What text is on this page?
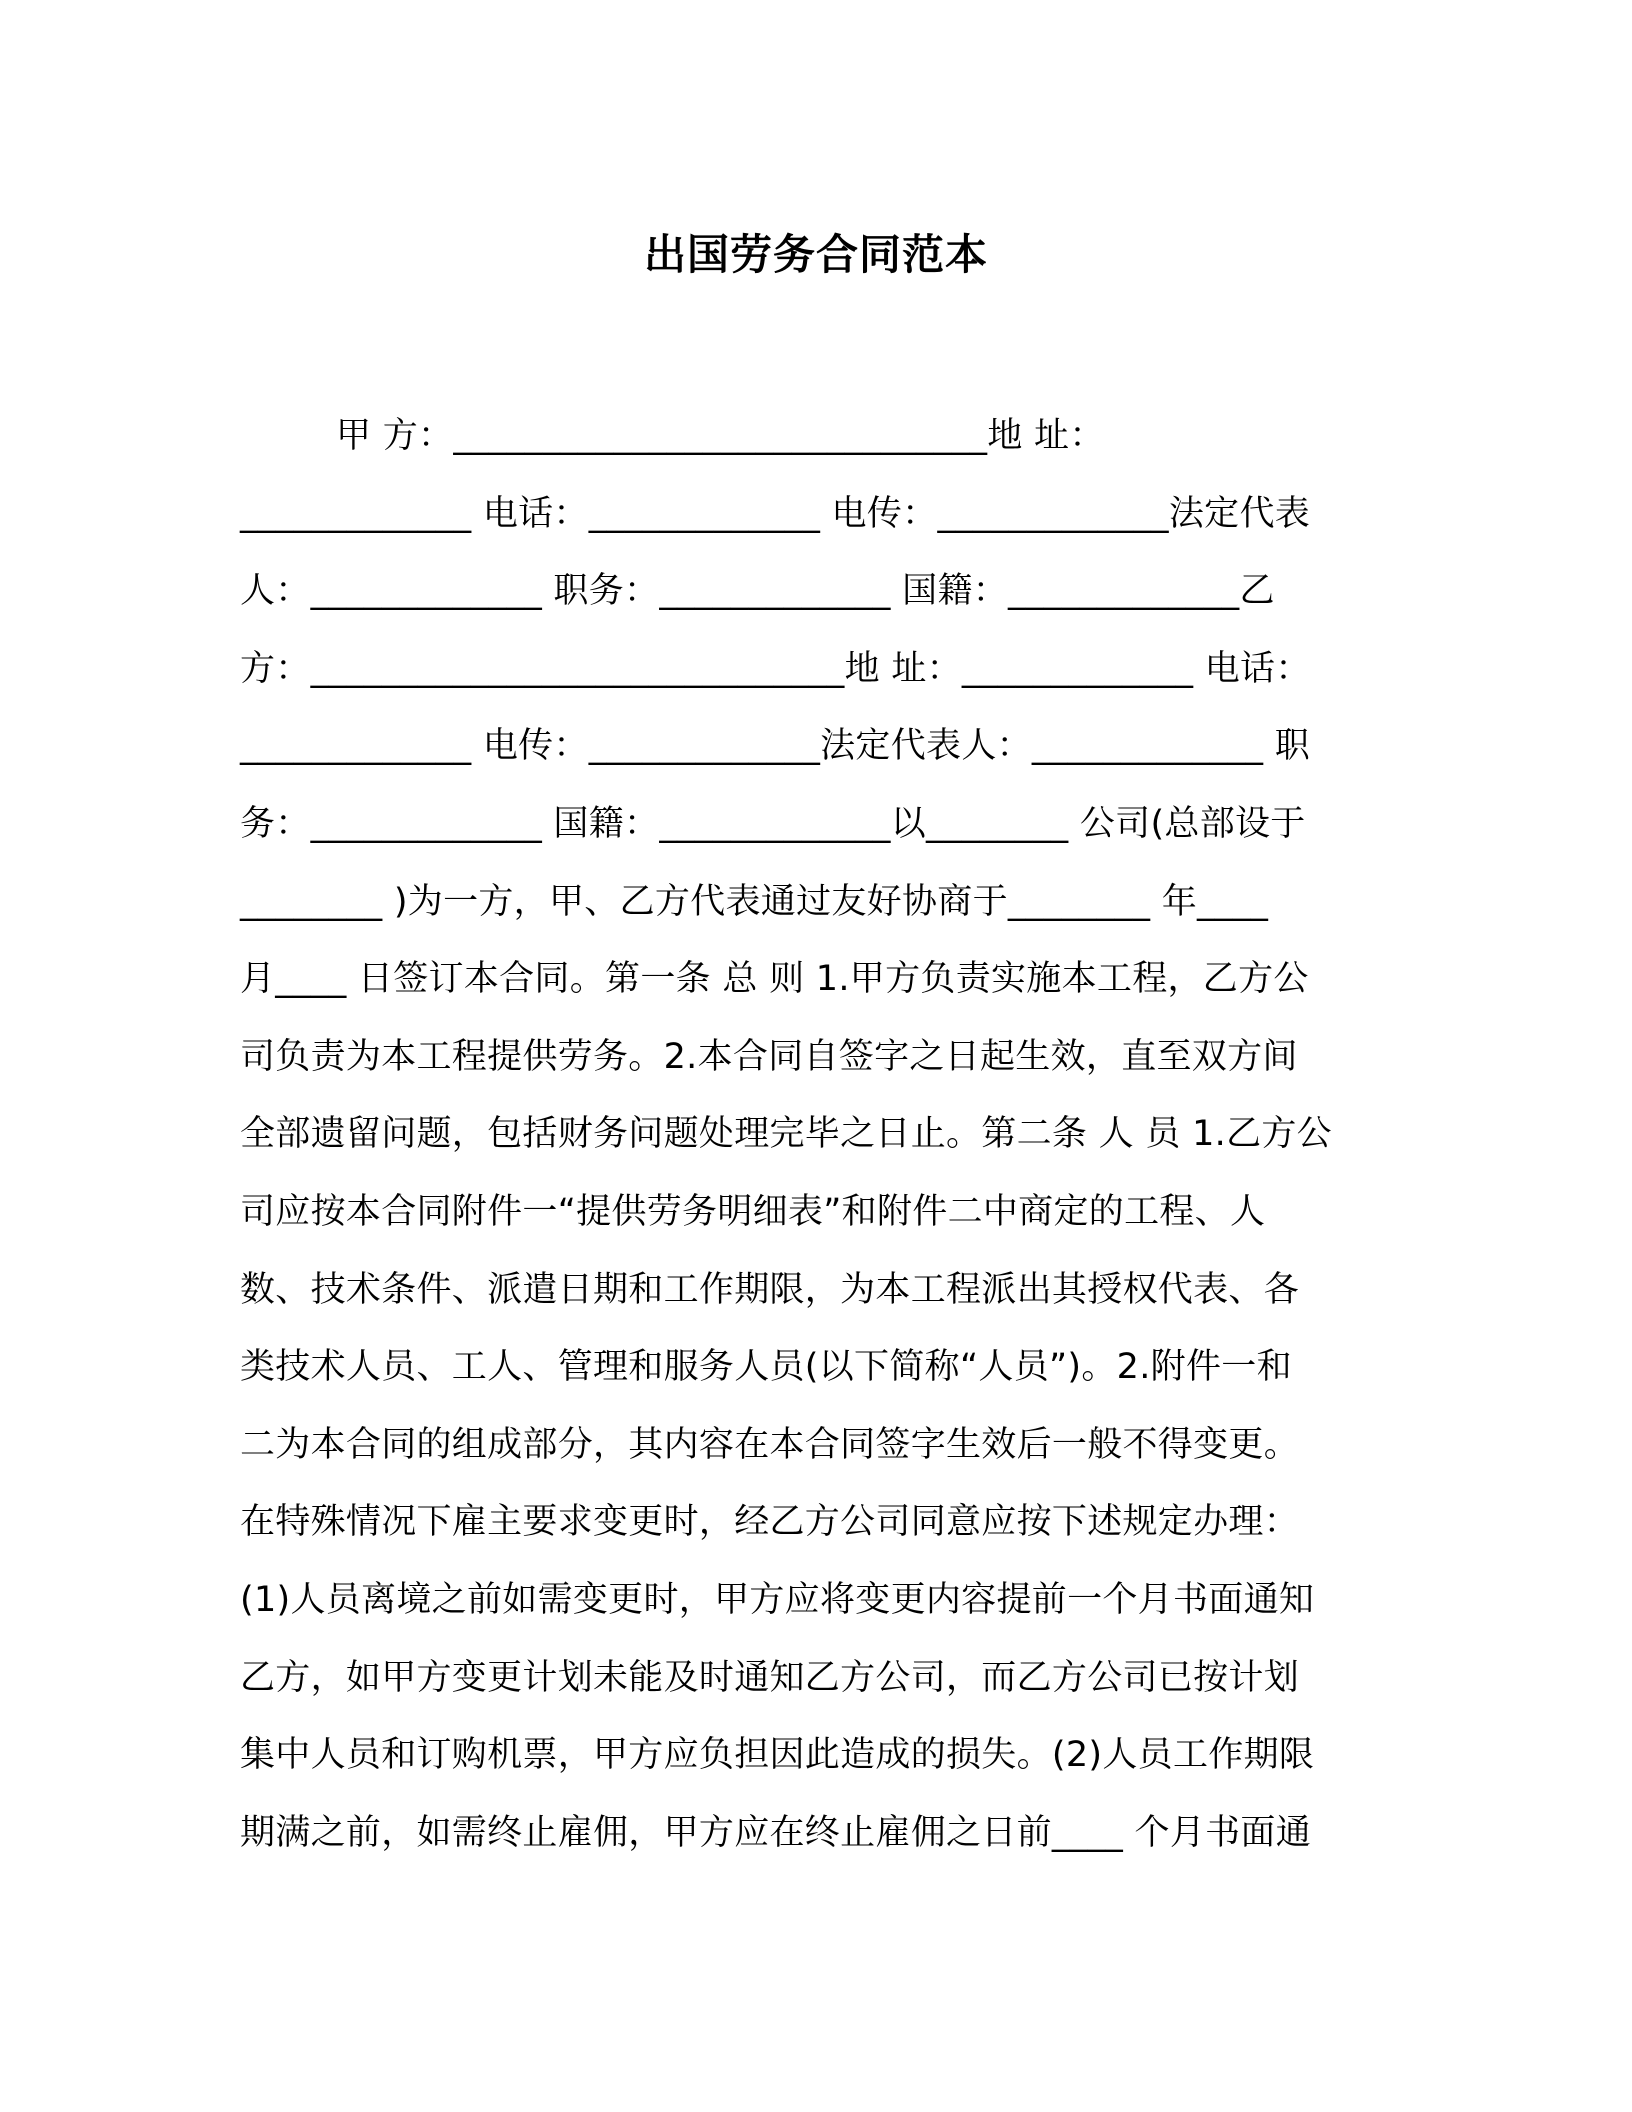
出国劳务合同范本
甲 方：______________________________地 址：
_____________ 电话：_____________ 电传：_____________法定代表
人：_____________ 职务：_____________ 国籍：_____________乙
方：______________________________地 址：_____________ 电话：
_____________ 电传：_____________法定代表人：_____________ 职
务：_____________ 国籍：_____________以________ 公司(总部设于
________ )为一方，甲、乙方代表通过友好协商于________ 年____
月____ 日签订本合同。第一条 总 则 1.甲方负责实施本工程，乙方公
司负责为本工程提供劳务。2.本合同自签字之日起生效，直至双方间
全部遗留问题，包括财务问题处理完毕之日止。第二条 人 员 1.乙方公
司应按本合同附件一“提供劳务明细表”和附件二中商定的工程、人
数、技术条件、派遣日期和工作期限，为本工程派出其授权代表、各
类技术人员、工人、管理和服务人员(以下简称“人员”)。2.附件一和
二为本合同的组成部分，其内容在本合同签字生效后一般不得变更。
在特殊情况下雇主要求变更时，经乙方公司同意应按下述规定办理：
(1)人员离境之前如需变更时，甲方应将变更内容提前一个月书面通知
乙方，如甲方变更计划未能及时通知乙方公司，而乙方公司已按计划
集中人员和订购机票，甲方应负担因此造成的损失。(2)人员工作期限
期满之前，如需终止雇佣，甲方应在终止雇佣之日前____ 个月书面通
